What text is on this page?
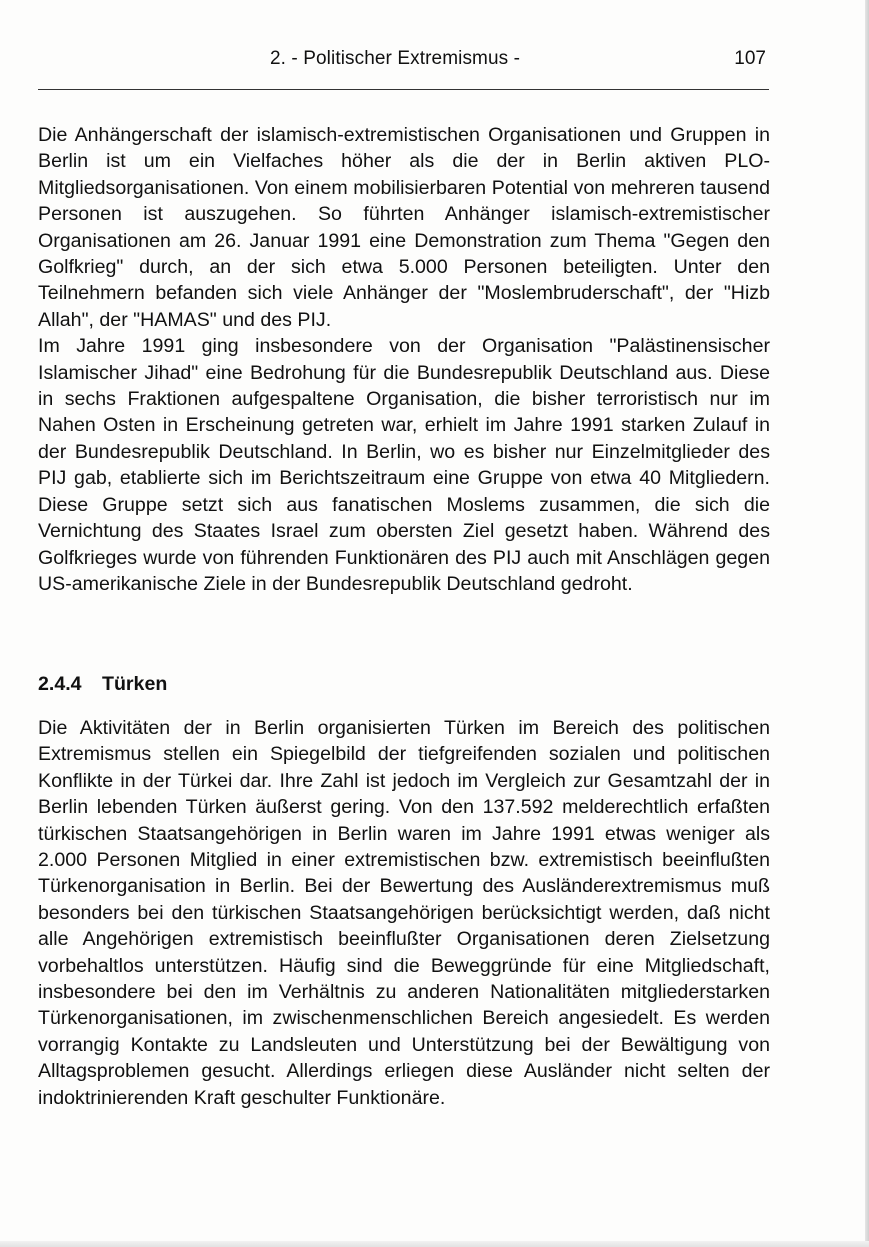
2. - Politischer Extremismus -	107

Die Anhängerschaft der islamisch-extremistischen Organisationen und Gruppen in Berlin ist um ein Vielfaches höher als die der in Berlin aktiven PLO-Mitgliedsorganisationen. Von einem mobilisierbaren Potential von mehreren tausend Personen ist auszugehen. So führten Anhänger islamisch-extremistischer Organisationen am 26. Januar 1991 eine Demonstration zum Thema "Gegen den Golfkrieg" durch, an der sich etwa 5.000 Personen beteiligten. Unter den Teilnehmern befanden sich viele Anhänger der "Moslembruderschaft", der "Hizb Allah", der "HAMAS" und des PIJ.

Im Jahre 1991 ging insbesondere von der Organisation "Palästinensischer Islamischer Jihad" eine Bedrohung für die Bundesrepublik Deutschland aus. Diese in sechs Fraktionen aufgespaltene Organisation, die bisher terroristisch nur im Nahen Osten in Erscheinung getreten war, erhielt im Jahre 1991 starken Zulauf in der Bundesrepublik Deutschland. In Berlin, wo es bisher nur Einzelmitglieder des PIJ gab, etablierte sich im Berichtszeitraum eine Gruppe von etwa 40 Mitgliedern. Diese Gruppe setzt sich aus fanatischen Moslems zusammen, die sich die Vernichtung des Staates Israel zum obersten Ziel gesetzt haben. Während des Golfkrieges wurde von führenden Funktionären des PIJ auch mit Anschlägen gegen US-amerikanische Ziele in der Bundesrepublik Deutschland gedroht.

2.4.4 Türken

Die Aktivitäten der in Berlin organisierten Türken im Bereich des politischen Extremismus stellen ein Spiegelbild der tiefgreifenden sozialen und politischen Konflikte in der Türkei dar. Ihre Zahl ist jedoch im Vergleich zur Gesamtzahl der in Berlin lebenden Türken äußerst gering. Von den 137.592 melderechtlich erfaßten türkischen Staatsangehörigen in Berlin waren im Jahre 1991 etwas weniger als 2.000 Personen Mitglied in einer extremistischen bzw. extremistisch beeinflußten Türkenorganisation in Berlin. Bei der Bewertung des Ausländerextremismus muß besonders bei den türkischen Staatsangehörigen berücksichtigt werden, daß nicht alle Angehörigen extremistisch beeinflußter Organisationen deren Zielsetzung vorbehaltlos unterstützen. Häufig sind die Beweggründe für eine Mitgliedschaft, insbesondere bei den im Verhältnis zu anderen Nationalitäten mitgliederstarken Türkenorganisationen, im zwischenmenschlichen Bereich angesiedelt. Es werden vorrangig Kontakte zu Landsleuten und Unterstützung bei der Bewältigung von Alltagsproblemen gesucht. Allerdings erliegen diese Ausländer nicht selten der indoktrinierenden Kraft geschulter Funktionäre.
